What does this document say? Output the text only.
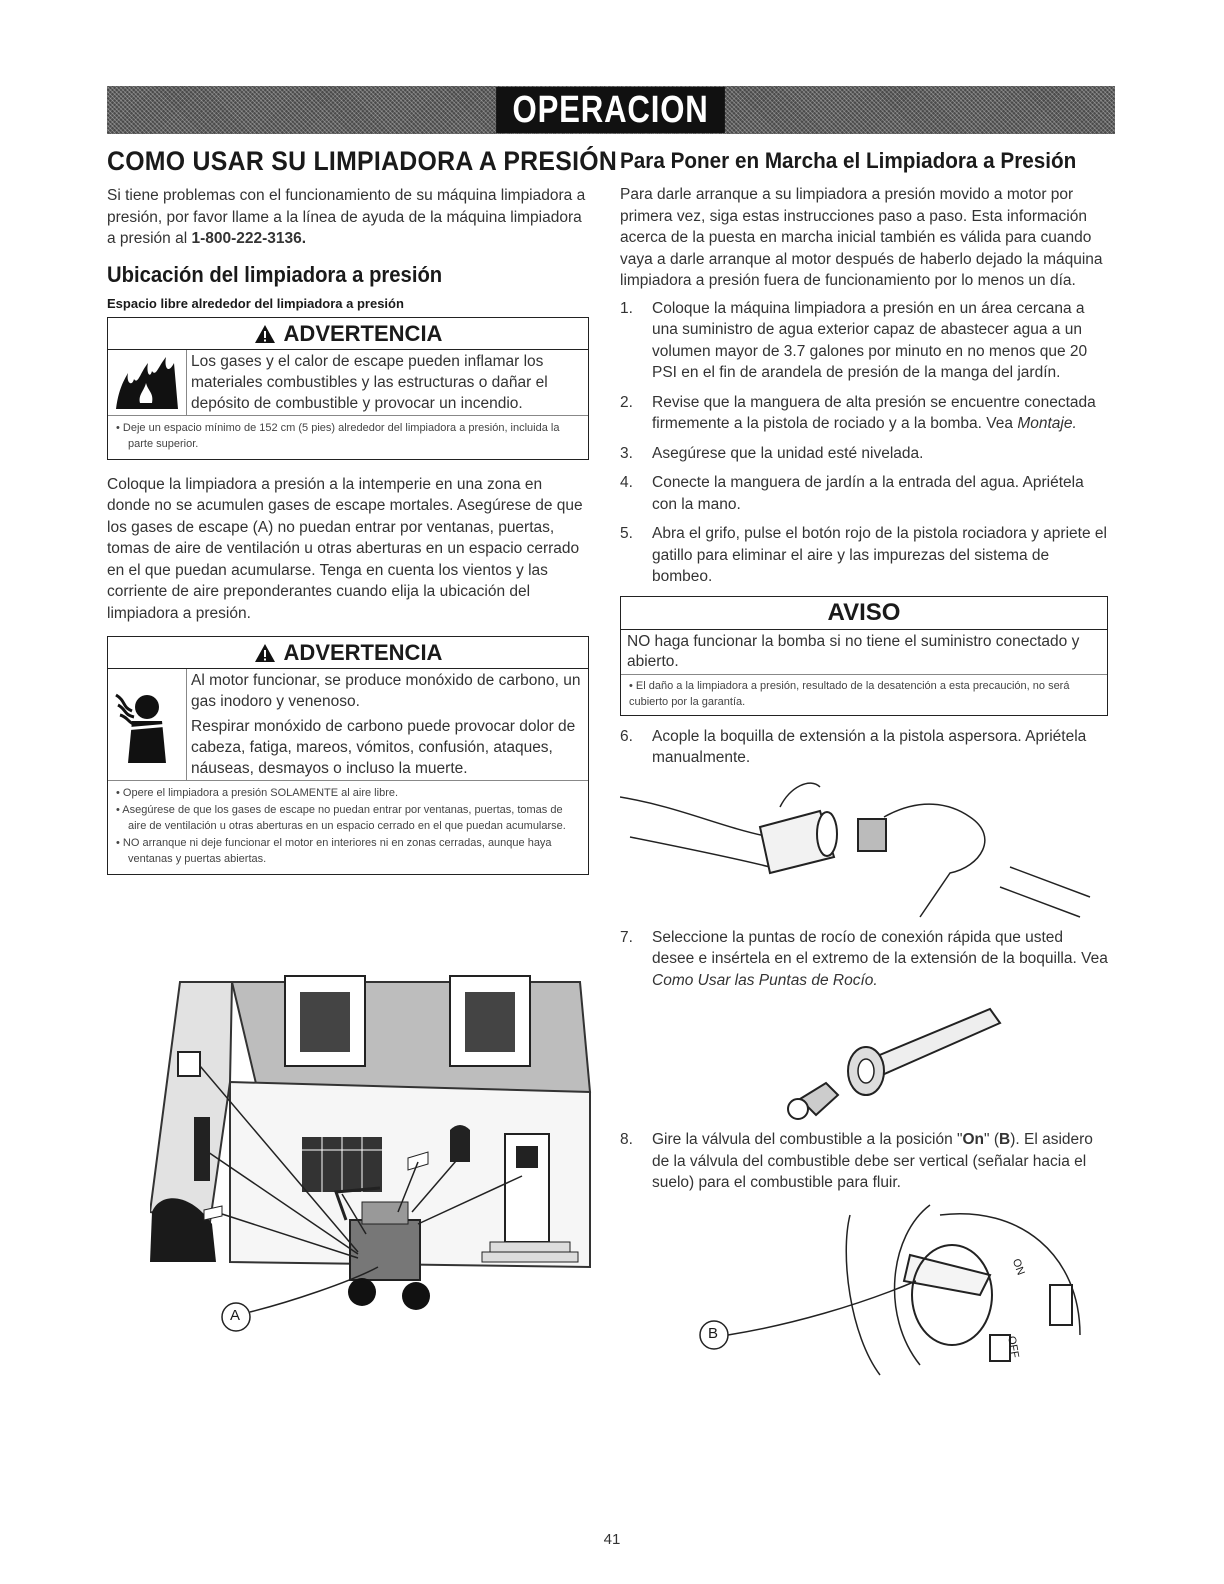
OPERACION
COMO USAR SU LIMPIADORA A PRESIÓN

Si tiene problemas con el funcionamiento de su máquina limpiadora a presión, por favor llame a la línea de ayuda de la máquina limpiadora a presión al 1-800-222-3136.

Ubicación del limpiadora a presión
Espacio libre alrededor del limpiadora a presión
ADVERTENCIA
Los gases y el calor de escape pueden inflamar los materiales combustibles y las estructuras o dañar el depósito de combustible y provocar un incendio.
• Deje un espacio mínimo de 152 cm (5 pies) alrededor del limpiadora a presión, incluida la parte superior.

Coloque la limpiadora a presión a la intemperie en una zona en donde no se acumulen gases de escape mortales. Asegúrese de que los gases de escape (A) no puedan entrar por ventanas, puertas, tomas de aire de ventilación u otras aberturas en un espacio cerrado en el que puedan acumularse. Tenga en cuenta los vientos y las corriente de aire preponderantes cuando elija la ubicación del limpiadora a presión.

ADVERTENCIA
Al motor funcionar, se produce monóxido de carbono, un gas inodoro y venenoso.
Respirar monóxido de carbono puede provocar dolor de cabeza, fatiga, mareos, vómitos, confusión, ataques, náuseas, desmayos o incluso la muerte.
• Opere el limpiadora a presión SOLAMENTE al aire libre.
• Asegúrese de que los gases de escape no puedan entrar por ventanas, puertas, tomas de aire de ventilación u otras aberturas en un espacio cerrado en el que puedan acumularse.
• NO arranque ni deje funcionar el motor en interiores ni en zonas cerradas, aunque haya ventanas y puertas abiertas.
A
Para Poner en Marcha el Limpiadora a Presión

Para darle arranque a su limpiadora a presión movido a motor por primera vez, siga estas instrucciones paso a paso. Esta información acerca de la puesta en marcha inicial también es válida para cuando vaya a darle arranque al motor después de haberlo dejado la máquina limpiadora a presión fuera de funcionamiento por lo menos un día.

1.	Coloque la máquina limpiadora a presión en un área cercana a una suministro de agua exterior capaz de abastecer agua a un volumen mayor de 3.7 galones por minuto en no menos que 20 PSI en el fin de arandela de presión de la manga del jardín.
2.	Revise que la manguera de alta presión se encuentre conectada firmemente a la pistola de rociado y a la bomba. Vea Montaje.
3.	Asegúrese que la unidad esté nivelada.
4.	Conecte la manguera de jardín a la entrada del agua. Apriétela con la mano.
5.	Abra el grifo, pulse el botón rojo de la pistola rociadora y apriete el gatillo para eliminar el aire y las impurezas del sistema de bombeo.
AVISO
NO haga funcionar la bomba si no tiene el suministro conectado y abierto.
• El daño a la limpiadora a presión, resultado de la desatención a esta precaución, no será cubierto por la garantía.
6.	Acople la boquilla de extensión a la pistola aspersora. Apriétela manualmente.
7.	Seleccione la puntas de rocío de conexión rápida que usted desee e insértela en el extremo de la extensión de la boquilla. Vea Como Usar las Puntas de Rocío.
8.	Gire la válvula del combustible a la posición "On" (B). El asidero de la válvula del combustible debe ser vertical (señalar hacia el suelo) para el combustible para fluir.
B
ON
OFF
41
